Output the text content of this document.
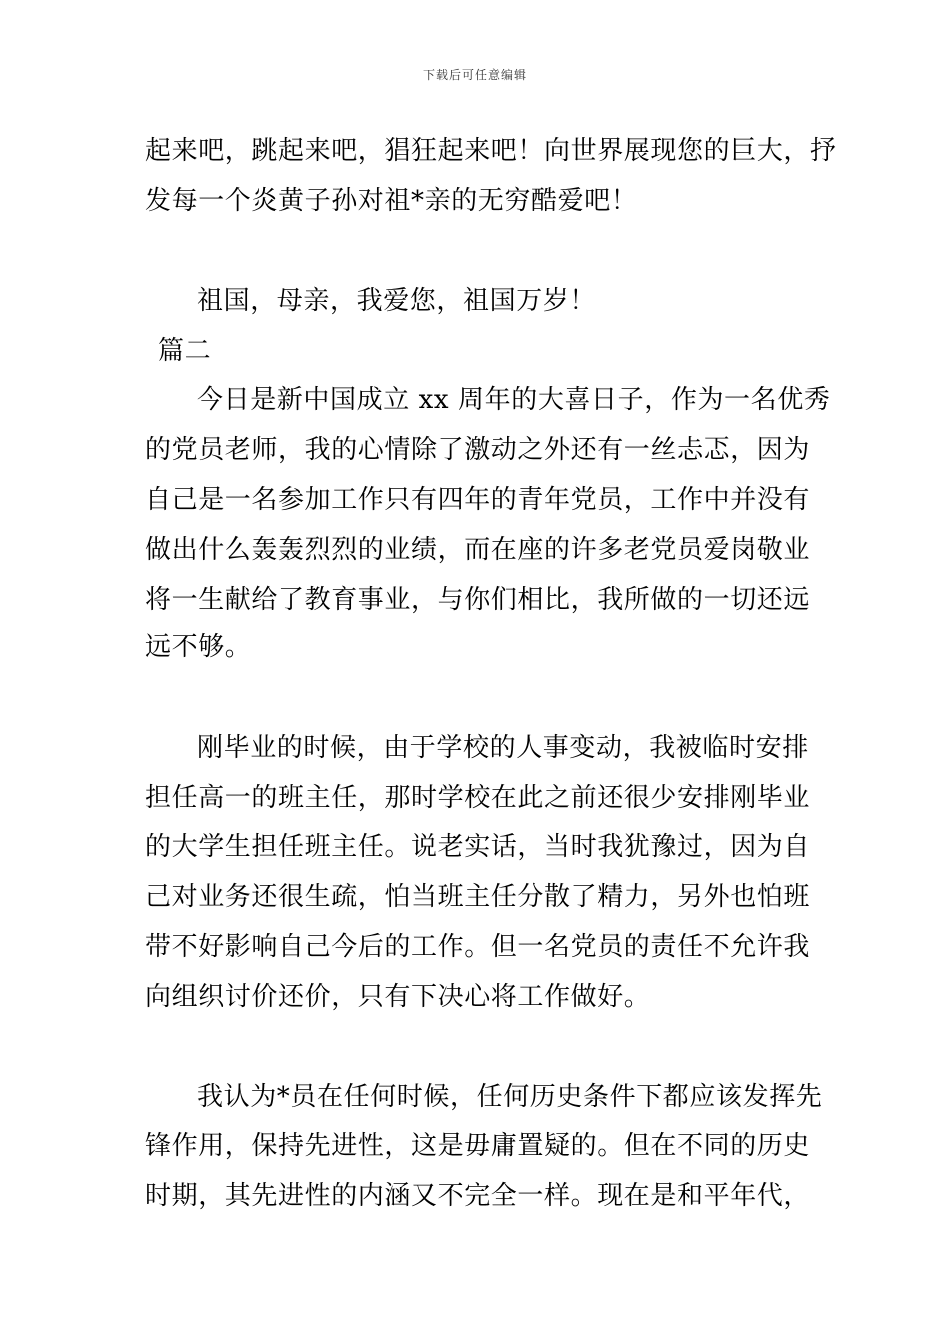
下载后可任意编辑
起来吧，跳起来吧，猖狂起来吧！向世界展现您的巨大，抒
发每一个炎黄子孙对祖*亲的无穷酷爱吧！
祖国，母亲，我爱您，祖国万岁！
篇二
今日是新中国成立 xx 周年的大喜日子，作为一名优秀
的党员老师，我的心情除了激动之外还有一丝忐忑，因为
自己是一名参加工作只有四年的青年党员，工作中并没有
做出什么轰轰烈烈的业绩，而在座的许多老党员爱岗敬业
将一生献给了教育事业，与你们相比，我所做的一切还远
远不够。
刚毕业的时候，由于学校的人事变动，我被临时安排
担任高一的班主任，那时学校在此之前还很少安排刚毕业
的大学生担任班主任。说老实话，当时我犹豫过，因为自
己对业务还很生疏，怕当班主任分散了精力，另外也怕班
带不好影响自己今后的工作。但一名党员的责任不允许我
向组织讨价还价，只有下决心将工作做好。
我认为*员在任何时候，任何历史条件下都应该发挥先
锋作用，保持先进性，这是毋庸置疑的。但在不同的历史
时期，其先进性的内涵又不完全一样。现在是和平年代，
